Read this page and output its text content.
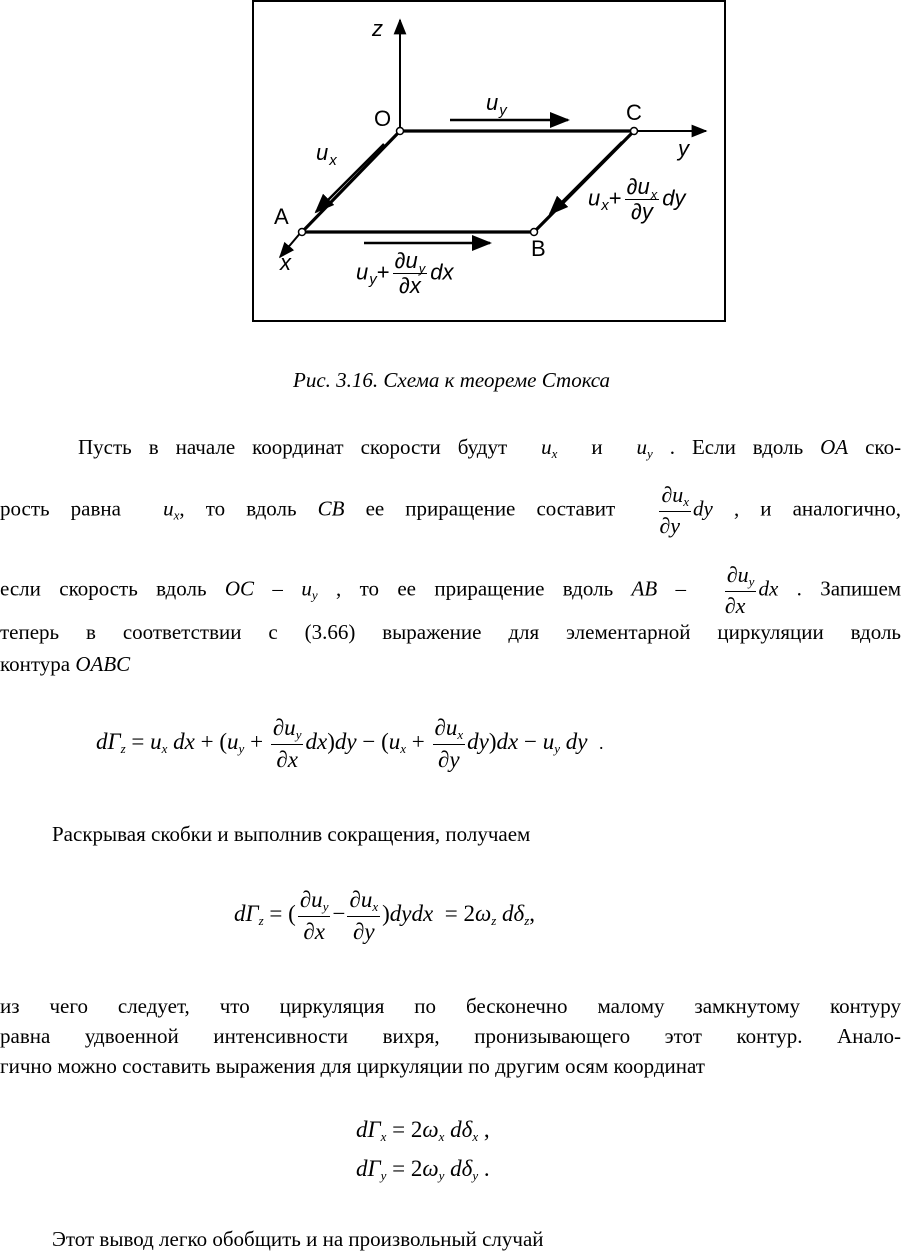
z
O	C
y
A
x
B
$u_y$
$u_x$
$u_x+ \frac{\partial u_x}{\partial y}$ dy
$u_y+ \frac{\partial u_y}{\partial x}$ dx
Рис. 3.16. Схема к теореме Стокса
Пусть в начале координат скорости будут ux и uy . Если вдоль OA ско-
рость равна ux, то вдоль CB ее приращение составит $\frac{\partial ux}{\partial y}$ dy , и аналогично,
если скорость вдоль OC – uy , то ее приращение вдоль AB – $\frac{\partial uy}{\partial x}$ dx . Запишем
теперь в соответствии с (3.66) выражение для элементарной циркуляции вдоль
контура OABC
dΓz = ux dx + $(uy + \frac{\partial uy}{\partial x} dx)dy - (ux + \frac{\partial ux}{\partial y} dy)dx$ − uy dy .
Раскрывая скобки и выполнив сокращения, получаем
dΓz = ( $\frac{\partial uy}{\partial x} - \frac{\partial ux}{\partial y}$ )dydx = 2ωz dδz,
из чего следует, что циркуляция по бесконечно малому замкнутому контуру
равна удвоенной интенсивности вихря, пронизывающего этот контур. Анало-
гично можно составить выражения для циркуляции по другим осям координат
dΓx = 2ωx dδx ,
dΓy = 2ωy dδy .
Этот вывод легко обобщить и на произвольный случай
